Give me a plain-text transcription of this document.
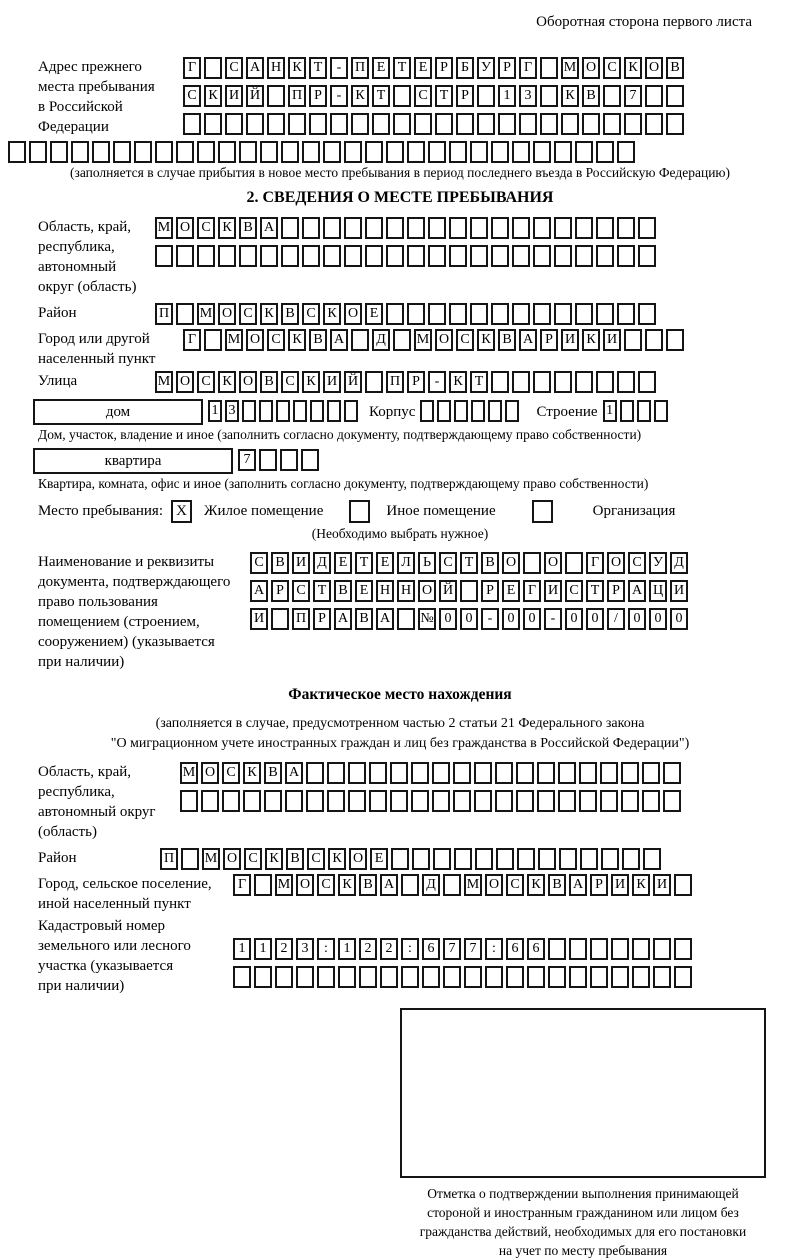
Оборотная сторона первого листа
Адрес прежнего
места пребывания
в Российской
Федерации
Г	С А Н К Т	- П Е Т Е Р Б У Р Г	М О С К О В
С К И Й П Р	-	К Т	С Т Р	1	3	К В	7
(заполняется в случае прибытия в новое место пребывания в период последнего въезда в Российскую Федерацию)
2. СВЕДЕНИЯ О МЕСТЕ ПРЕБЫВАНИЯ
Область, край,
республика,
автономный
округ (область)
М О С К В А
Район	П М О С К В С К О Е
Город или другой
населенный пункт
Г	М О С К В А	Д	М О С К В А Р И К И
Улица	М О С К О В С К И Й П Р	-	К Т
дом	1 3	Корпус	Строение 1
Дом, участок, владение и иное (заполнить согласно документу, подтверждающему право собственности)
квартира	7
Квартира, комната, офис и иное (заполнить согласно документу, подтверждающему право собственности)
Место пребывания: X	Жилое помещение	Иное помещение	Организация
(Необходимо выбрать нужное)
Наименование и реквизиты
документа, подтверждающего
право пользования
помещением (строением,
сооружением) (указывается
при наличии)
С В И Д Е Т Е Л Ь С Т В О О	Г О С У Д
А Р С Т В Е Н Н О Й	Р Е Г И С Т Р А Ц И
И П Р А В А № 0	0	-	0	0	-	0	0	/	0	0	0
Фактическое место нахождения
(заполняется в случае, предусмотренном частью 2 статьи 21 Федерального закона
"О миграционном учете иностранных граждан и лиц без гражданства в Российской Федерации")
Область, край,
республика,
автономный округ
(область)
М О С К В А
Район	П М О С К В С К О Е
Город, сельское поселение,
иной населенный пункт
Г	М О С К В А	Д	М О С К В А Р И К И
Кадастровый номер
земельного или лесного
участка (указывается
при наличии)
1	1	2	3	:	1	2	2	:	6	7	7	:	6	6
Отметка о подтверждении выполнения принимающей
стороной и иностранным гражданином или лицом без
гражданства действий, необходимых для его постановки
на учет по месту пребывания
